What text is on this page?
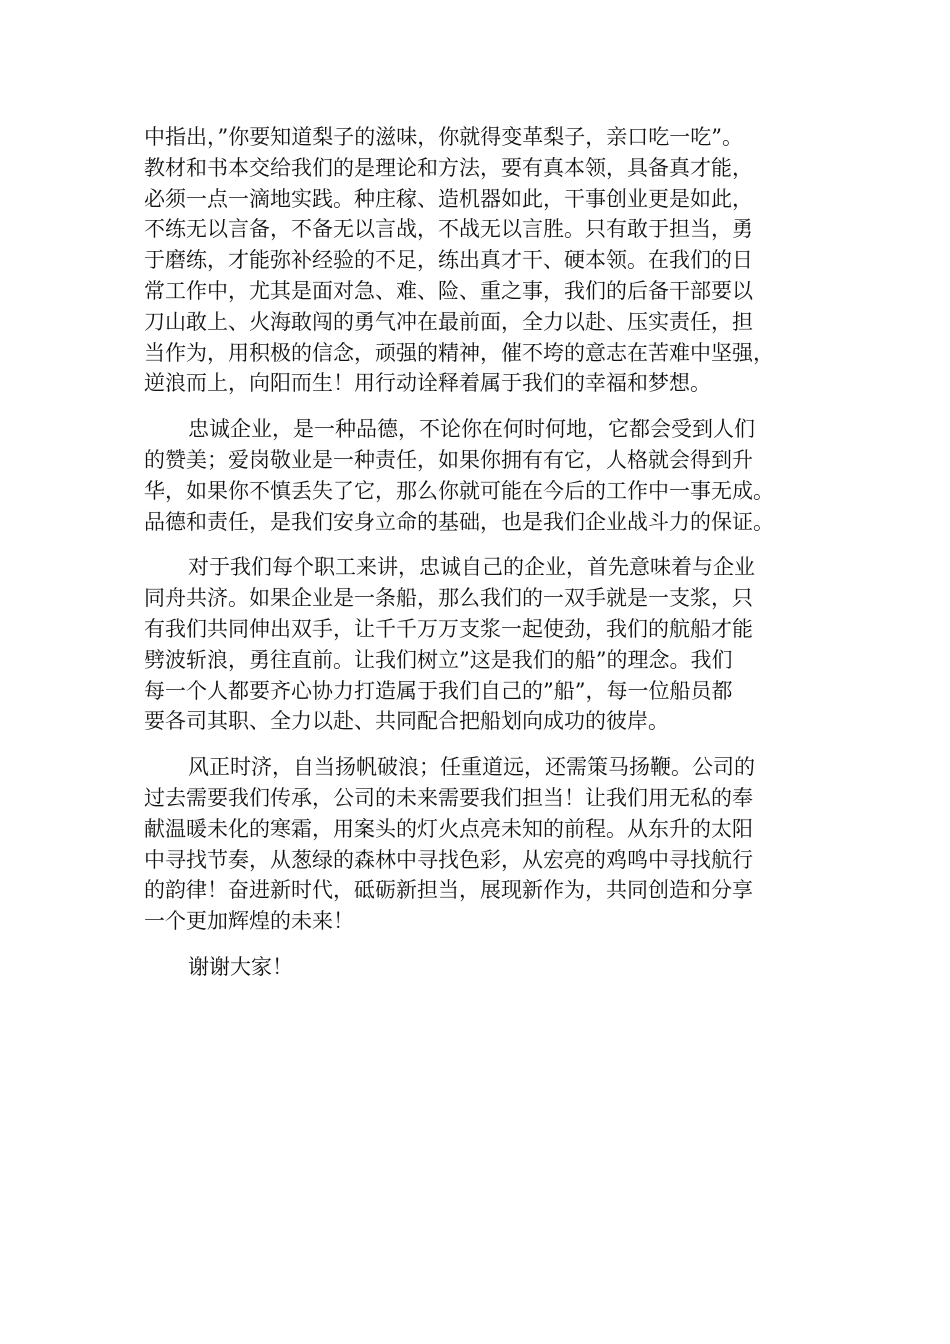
中指出，”你要知道梨子的滋味，你就得变革梨子，亲口吃一吃”。
教材和书本交给我们的是理论和方法，要有真本领，具备真才能，
必须一点一滴地实践。种庄稼、造机器如此，干事创业更是如此，
不练无以言备，不备无以言战，不战无以言胜。只有敢于担当，勇
于磨练，才能弥补经验的不足，练出真才干、硬本领。在我们的日
常工作中，尤其是面对急、难、险、重之事，我们的后备干部要以
刀山敢上、火海敢闯的勇气冲在最前面，全力以赴、压实责任，担
当作为，用积极的信念，顽强的精神，催不垮的意志在苦难中坚强，
逆浪而上，向阳而生！用行动诠释着属于我们的幸福和梦想。
忠诚企业，是一种品德，不论你在何时何地，它都会受到人们
的赞美；爱岗敬业是一种责任，如果你拥有有它，人格就会得到升
华，如果你不慎丢失了它，那么你就可能在今后的工作中一事无成。
品德和责任，是我们安身立命的基础，也是我们企业战斗力的保证。
对于我们每个职工来讲，忠诚自己的企业，首先意味着与企业
同舟共济。如果企业是一条船，那么我们的一双手就是一支浆，只
有我们共同伸出双手，让千千万万支浆一起使劲，我们的航船才能
劈波斩浪，勇往直前。让我们树立”这是我们的船”的理念。我们
每一个人都要齐心协力打造属于我们自己的”船”，每一位船员都
要各司其职、全力以赴、共同配合把船划向成功的彼岸。
风正时济，自当扬帆破浪；任重道远，还需策马扬鞭。公司的
过去需要我们传承，公司的未来需要我们担当！让我们用无私的奉
献温暖未化的寒霜，用案头的灯火点亮未知的前程。从东升的太阳
中寻找节奏，从葱绿的森林中寻找色彩，从宏亮的鸡鸣中寻找航行
的韵律！奋进新时代，砥砺新担当，展现新作为，共同创造和分享
一个更加辉煌的未来！
谢谢大家！
